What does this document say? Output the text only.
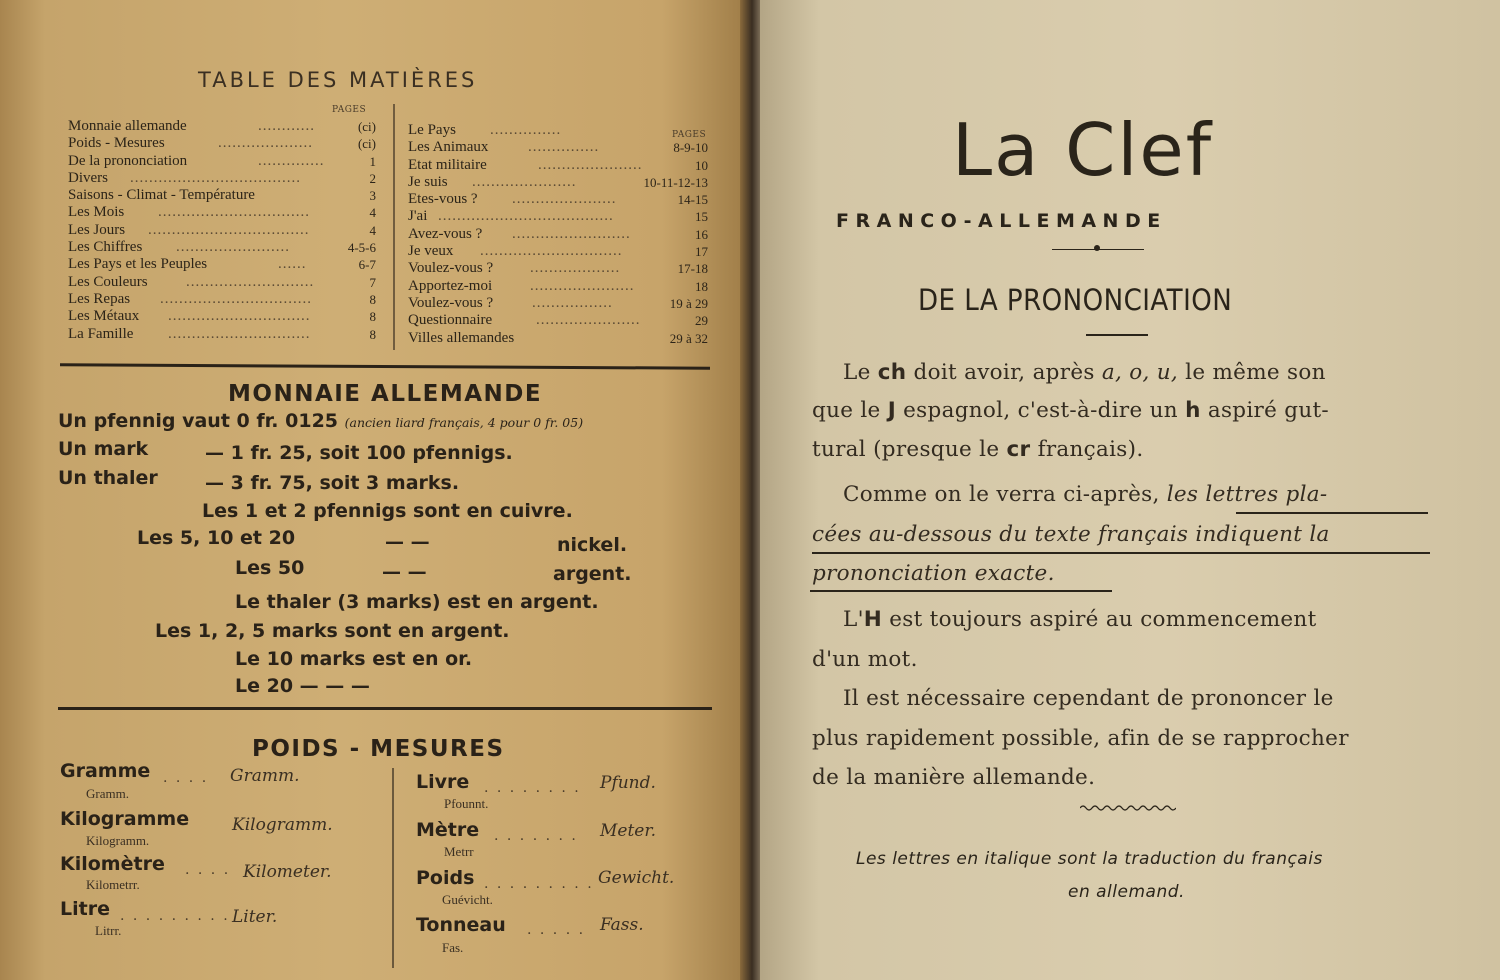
TABLE DES MATIÈRES
PAGES
PAGES
Monnaie allemande	............	(ci)
Poids - Mesures	....................	(ci)
De la prononciation	..............	1
Divers ....................................	2
Saisons - Climat - Température	3
Les Mois ................................	4
Les Jours ..................................	4
Les Chiffres ........................	4-5-6
Les Pays et les Peuples	......	6-7
Les Couleurs	...........................	7
Les Repas ................................	8
Les Métaux ..............................	8
La Famille ..............................	8
Le Pays ...............
Les Animaux	...............	8-9-10
Etat militaire	......................	10
Je suis ......................	10-11-12-13
Etes-vous ? ......................	14-15
J'ai .....................................	15
Avez-vous ? .........................	16
Je veux ..............................	17
Voulez-vous ? ...................	17-18
Apportez-moi	......................	18
Voulez-vous ?	.................	19 à 29
Questionnaire	......................	29
Villes allemandes	29 à 32
MONNAIE ALLEMANDE
Un pfennig vaut 0 fr. 0125 (ancien liard français, 4 pour 0 fr. 05)
Un mark	— 1 fr. 25, soit 100 pfennigs.
Un thaler — 3 fr. 75, soit 3 marks.
Les 1 et 2 pfennigs sont en cuivre.
Les 5, 10 et 20	— —	nickel.
Les 50	— —	argent.
Le thaler (3 marks) est en argent.
Les 1, 2, 5 marks sont en argent.
Le 10 marks est en or.
Le 20 — — —
POIDS - MESURES
Gramme . . . . Gramm.
Gramm.
Kilogramme	Kilogramm.
Kilogramm.
Kilomètre . . . . Kilometer.
Kilometrr.
Litre . . . . . . . . . Liter.
Litrr.
Livre . . . . . . . . Pfund.
Pfounnt.
Mètre . . . . . . . Meter.
Metrr
Poids . . . . . . . . . Gewicht.
Guévicht.
Tonneau . . . . . Fass.
Fas.
La Clef
FRANCO-ALLEMANDE
DE LA PRONONCIATION
Le ch doit avoir, après a, o, u, le même son
que le J espagnol, c'est-à-dire un h aspiré gut-
tural (presque le cr français).
Comme on le verra ci-après, les lettres pla-
cées au-dessous du texte français indiquent la
prononciation exacte.
L'H est toujours aspiré au commencement
d'un mot.
Il est nécessaire cependant de prononcer le
plus rapidement possible, afin de se rapprocher
de la manière allemande.
Les lettres en italique sont la traduction du français
en allemand.
